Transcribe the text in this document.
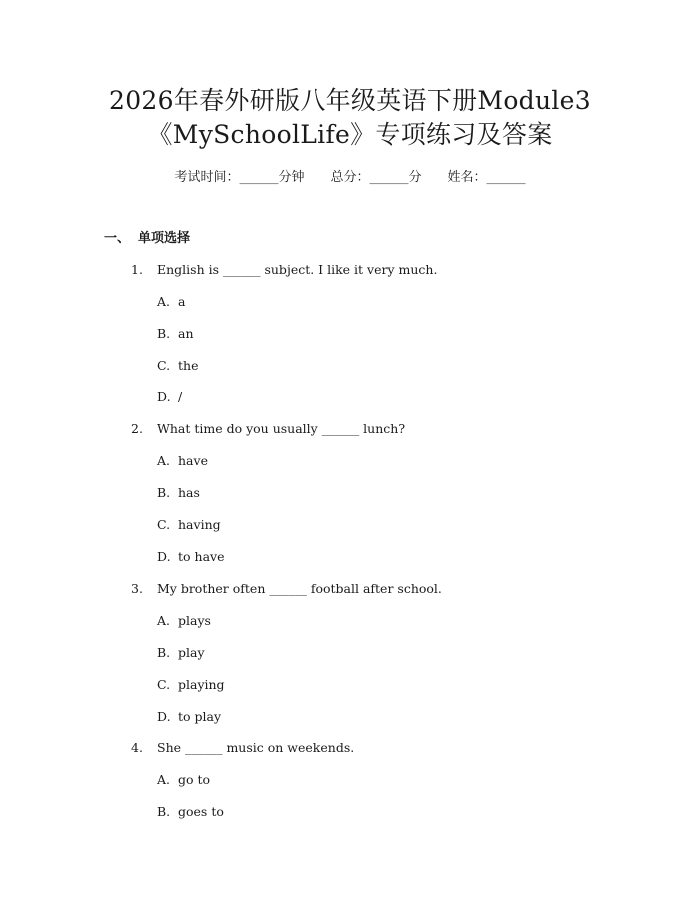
2026年春外研版八年级英语下册Module3
《MySchoolLife》专项练习及答案
考试时间：______分钟 总分：______分 姓名：______
一、 单项选择
1. English is ______ subject. I like it very much.
A. a
B. an
C. the
D. /
2. What time do you usually ______ lunch?
A. have
B. has
C. having
D. to have
3. My brother often ______ football after school.
A. plays
B. play
C. playing
D. to play
4. She ______ music on weekends.
A. go to
B. goes to
